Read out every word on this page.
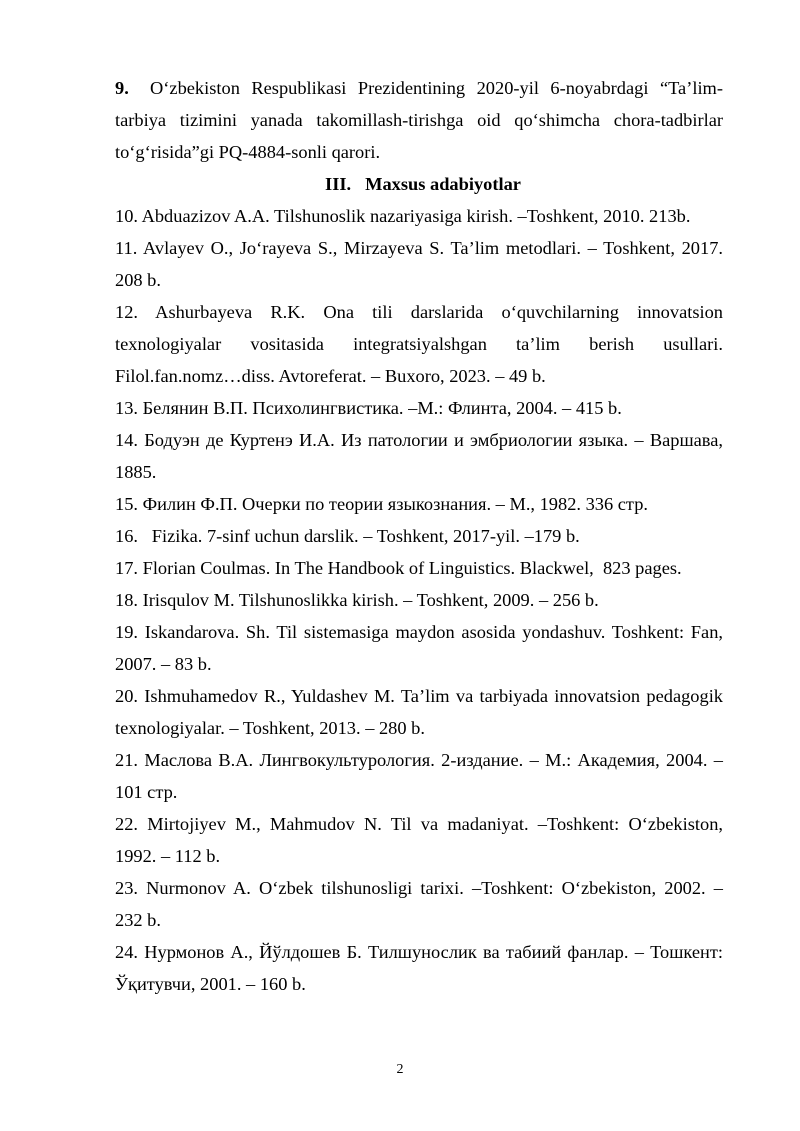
9. O‘zbekiston Respublikasi Prezidentining 2020-yil 6-noyabrdagi “Ta’lim-tarbiya tizimini yanada takomillash-tirishga oid qo‘shimcha chora-tadbirlar to‘g‘risida”gi PQ-4884-sonli qarori.

III. Maxsus adabiyotlar

10. Abduazizov A.A. Tilshunoslik nazariyasiga kirish. –Toshkent, 2010. 213b.

11. Avlayev O., Jo‘rayeva S., Mirzayeva S. Ta’lim metodlari. – Toshkent, 2017. 208 b.

12. Ashurbayeva R.K. Ona tili darslarida o‘quvchilarning innovatsion texnologiyalar vositasida integratsiyalshgan ta’lim berish usullari. Filol.fan.nomz…diss. Avtoreferat. – Buxoro, 2023. – 49 b.

13. Белянин В.П. Психолингвистика. –М.: Флинта, 2004. – 415 b.

14. Бодуэн де Куртенэ И.А. Из патологии и эмбриологии языка. – Варшава, 1885.

15. Филин Ф.П. Очерки по теории языкознания. – М., 1982. 336 стр.

16.   Fizika. 7-sinf uchun darslik. – Toshkent, 2017-yil. –179 b.

17. Florian Coulmas. In The Handbook of Linguistics. Blackwel,  823 pages.

18. Irisqulov M. Tilshunoslikka kirish. – Toshkent, 2009. – 256 b.

19. Iskandarova. Sh. Til sistemasiga maydon asosida yondashuv. Toshkent: Fan, 2007. – 83 b.

20. Ishmuhamedov R., Yuldashev M. Ta’lim va tarbiyada innovatsion pedagogik texnologiyalar. – Toshkent, 2013. – 280 b.

21. Маслова В.А. Лингвокультурология. 2-издание. – М.: Академия, 2004. – 101 стр.

22. Mirtojiyev M., Mahmudov N. Til va madaniyat. –Toshkent: O‘zbekiston, 1992. – 112 b.

23. Nurmonov A. O‘zbek tilshunosligi tarixi. –Toshkent: O‘zbekiston, 2002. – 232 b.

24. Нурмонов А., Йўлдошев Б. Тилшунослик ва табиий фанлар. – Тошкент: Ўқитувчи, 2001. – 160 b.

2
